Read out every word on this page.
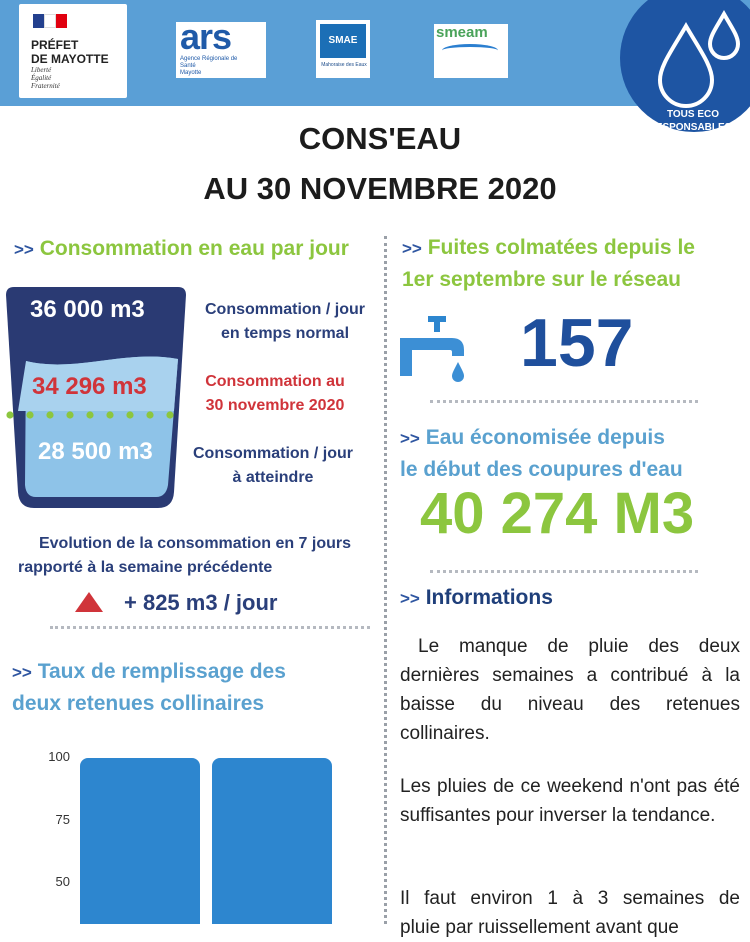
PRÉFET
DE MAYOTTE
Liberté
Égalité
Fraternité
ars
Agence Régionale de Santé
Mayotte
SMAE
Mahoraise des Eaux
smeam
TOUS ECO
RESPONSABLES !
CONS'EAU
AU 30 NOVEMBRE 2020
>> Consommation en eau par jour
36 000 m3
34 296 m3
28 500 m3
Consommation / jour
en temps normal
Consommation au
30 novembre 2020
Consommation / jour
à atteindre
Evolution de la consommation en 7 jours
rapporté à la semaine précédente
+ 825 m3 / jour
>> Taux de remplissage des
deux retenues collinaires
100
75
50
>> Fuites colmatées depuis le
1er septembre sur le réseau
157
>> Eau économisée depuis
le début des coupures d'eau
40 274 M3
>> Informations
Le manque de pluie des deux dernières semaines a contribué à la baisse du niveau des retenues collinaires.
Les pluies de ce weekend n'ont pas été suffisantes pour inverser la tendance.
Il faut environ 1 à 3 semaines de
pluie par ruissellement avant que
